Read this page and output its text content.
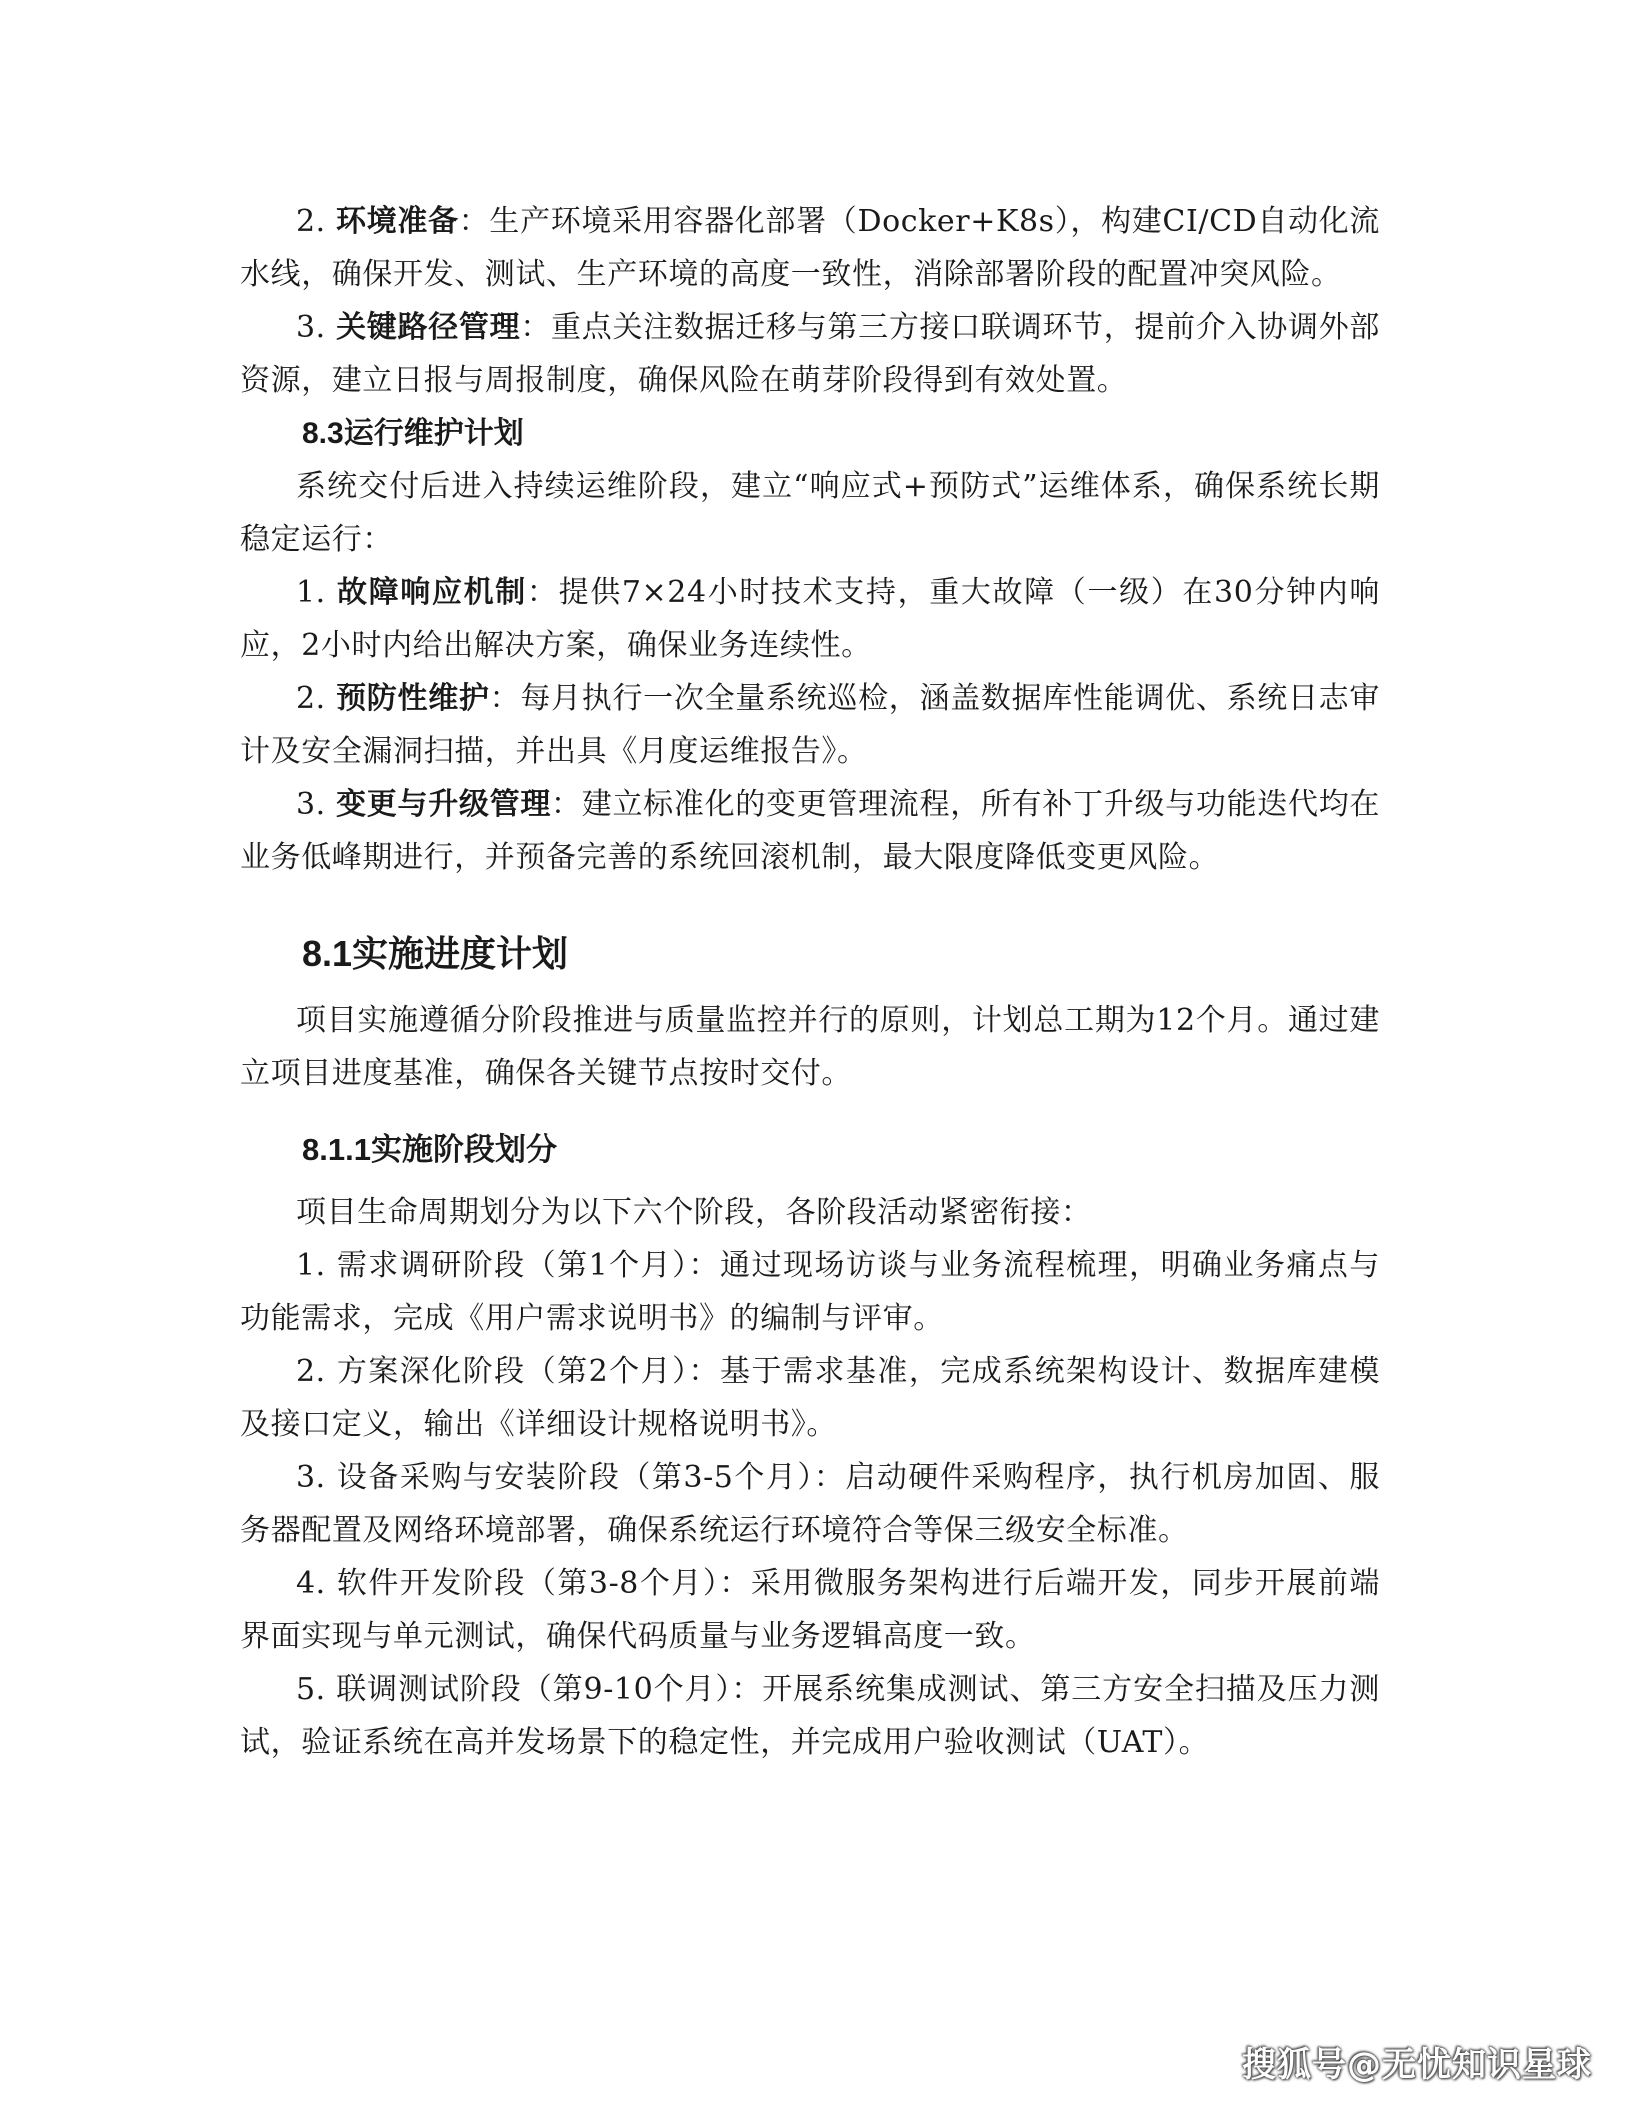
2. 环境准备：生产环境采用容器化部署（Docker+K8s），构建CI/CD自动化流水线，确保开发、测试、生产环境的高度一致性，消除部署阶段的配置冲突风险。

3. 关键路径管理：重点关注数据迁移与第三方接口联调环节，提前介入协调外部资源，建立日报与周报制度，确保风险在萌芽阶段得到有效处置。

8.3运行维护计划

系统交付后进入持续运维阶段，建立“响应式+预防式”运维体系，确保系统长期稳定运行：

1. 故障响应机制：提供7×24小时技术支持，重大故障（一级）在30分钟内响应，2小时内给出解决方案，确保业务连续性。

2. 预防性维护：每月执行一次全量系统巡检，涵盖数据库性能调优、系统日志审计及安全漏洞扫描，并出具《月度运维报告》。

3. 变更与升级管理：建立标准化的变更管理流程，所有补丁升级与功能迭代均在业务低峰期进行，并预备完善的系统回滚机制，最大限度降低变更风险。

8.1实施进度计划

项目实施遵循分阶段推进与质量监控并行的原则，计划总工期为12个月。通过建立项目进度基准，确保各关键节点按时交付。

8.1.1实施阶段划分

项目生命周期划分为以下六个阶段，各阶段活动紧密衔接：

1. 需求调研阶段（第1个月）：通过现场访谈与业务流程梳理，明确业务痛点与功能需求，完成《用户需求说明书》的编制与评审。

2. 方案深化阶段（第2个月）：基于需求基准，完成系统架构设计、数据库建模及接口定义，输出《详细设计规格说明书》。

3. 设备采购与安装阶段（第3-5个月）：启动硬件采购程序，执行机房加固、服务器配置及网络环境部署，确保系统运行环境符合等保三级安全标准。

4. 软件开发阶段（第3-8个月）：采用微服务架构进行后端开发，同步开展前端界面实现与单元测试，确保代码质量与业务逻辑高度一致。

5. 联调测试阶段（第9-10个月）：开展系统集成测试、第三方安全扫描及压力测试，验证系统在高并发场景下的稳定性，并完成用户验收测试（UAT）。

搜狐号@无忧知识星球
